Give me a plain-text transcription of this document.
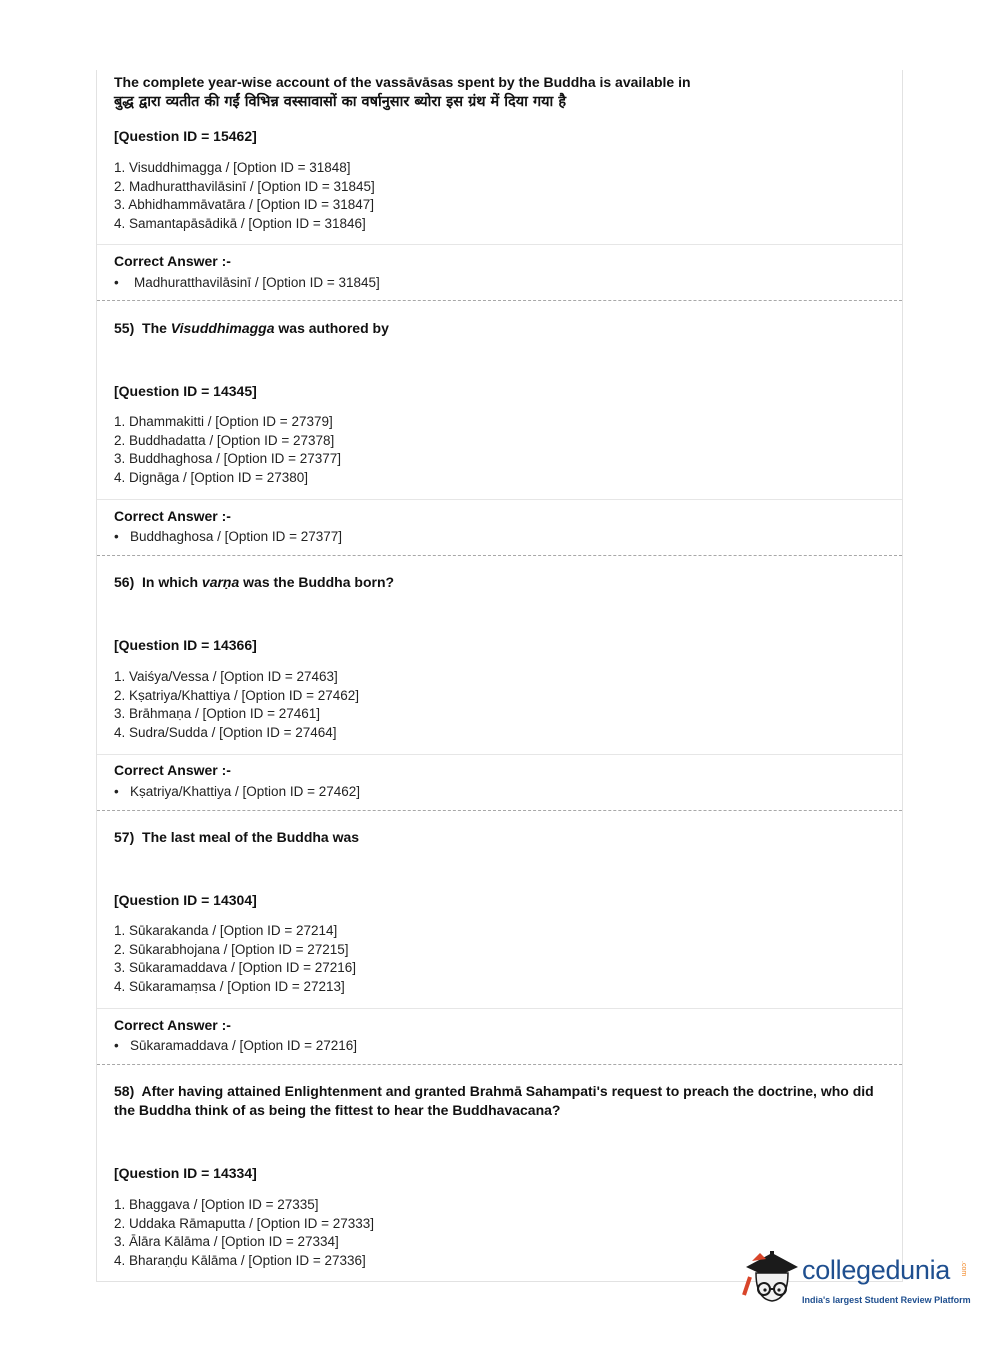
The complete year-wise account of the vassāvāsas spent by the Buddha is available in
बुद्ध द्वारा व्यतीत की गईं विभिन्न वस्सावासों का वर्षानुसार ब्योरा इस ग्रंथ में दिया गया है
[Question ID = 15462]
1. Visuddhimagga / [Option ID = 31848]
2. Madhuratthavilāsinī / [Option ID = 31845]
3. Abhidhammāvatāra / [Option ID = 31847]
4. Samantapāsādikā / [Option ID = 31846]
Correct Answer :-
• Madhuratthavilāsinī / [Option ID = 31845]
55) The Visuddhimagga was authored by
[Question ID = 14345]
1. Dhammakitti / [Option ID = 27379]
2. Buddhadatta / [Option ID = 27378]
3. Buddhaghosa / [Option ID = 27377]
4. Dignāga / [Option ID = 27380]
Correct Answer :-
• Buddhaghosa / [Option ID = 27377]
56) In which varṇa was the Buddha born?
[Question ID = 14366]
1. Vaiśya/Vessa / [Option ID = 27463]
2. Kṣatriya/Khattiya / [Option ID = 27462]
3. Brāhmaṇa / [Option ID = 27461]
4. Sudra/Sudda / [Option ID = 27464]
Correct Answer :-
• Kṣatriya/Khattiya / [Option ID = 27462]
57) The last meal of the Buddha was
[Question ID = 14304]
1. Sūkarakanda / [Option ID = 27214]
2. Sūkarabhojana / [Option ID = 27215]
3. Sūkaramaddava / [Option ID = 27216]
4. Sūkaramaṃsa / [Option ID = 27213]
Correct Answer :-
• Sūkaramaddava / [Option ID = 27216]
58) After having attained Enlightenment and granted Brahmā Sahampati's request to preach the doctrine, who did
the Buddha think of as being the fittest to hear the Buddhavacana?
[Question ID = 14334]
1. Bhaggava / [Option ID = 27335]
2. Uddaka Rāmaputta / [Option ID = 27333]
3. Ālāra Kālāma / [Option ID = 27334]
4. Bharaṇḍu Kālāma / [Option ID = 27336]	collegedunia .com
India's largest Student Review Platform
